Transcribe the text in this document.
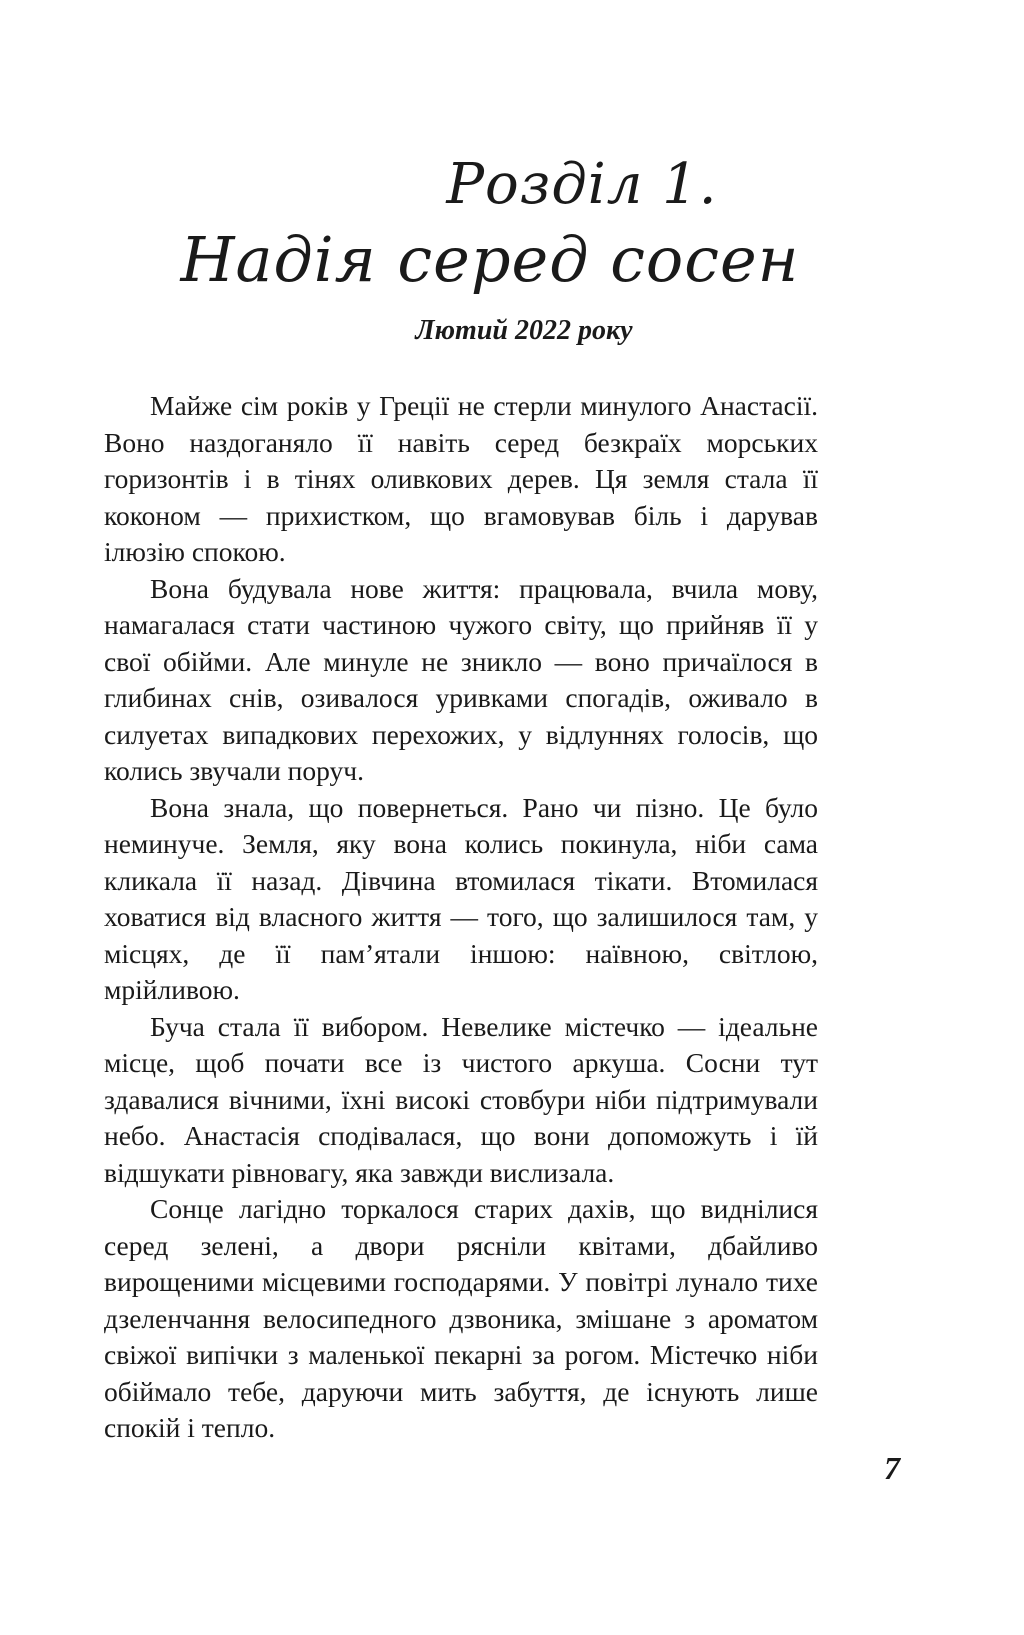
Розділ 1.
Надія серед сосен
Лютий 2022 року

Майже сім років у Греції не стерли минулого Анастасії. Воно наздоганяло її навіть серед безкраїх морських горизонтів і в тінях оливкових дерев. Ця земля стала її коконом — прихистком, що вгамовував біль і дарував ілюзію спокою.

Вона будувала нове життя: працювала, вчила мову, намагалася стати частиною чужого світу, що прийняв її у свої обійми. Але минуле не зникло — воно причаїлося в глибинах снів, озивалося уривками спогадів, оживало в силуетах випадкових перехожих, у відлуннях голосів, що колись звучали поруч.

Вона знала, що повернеться. Рано чи пізно. Це було неминуче. Земля, яку вона колись покинула, ніби сама кликала її назад. Дівчина втомилася тікати. Втомилася ховатися від власного життя — того, що залишилося там, у місцях, де її пам’ятали іншою: наївною, світлою, мрійливою.

Буча стала її вибором. Невелике містечко — ідеальне місце, щоб почати все із чистого аркуша. Сосни тут здавалися вічними, їхні високі стовбури ніби підтримували небо. Анастасія сподівалася, що вони допоможуть і їй відшукати рівновагу, яка завжди вислизала.

Сонце лагідно торкалося старих дахів, що виднілися серед зелені, а двори рясніли квітами, дбайливо вирощеними місцевими господарями. У повітрі лунало тихе дзеленчання велосипедного дзвоника, змішане з ароматом свіжої випічки з маленької пекарні за рогом. Містечко ніби обіймало тебе, даруючи мить забуття, де існують лише спокій і тепло.

7
